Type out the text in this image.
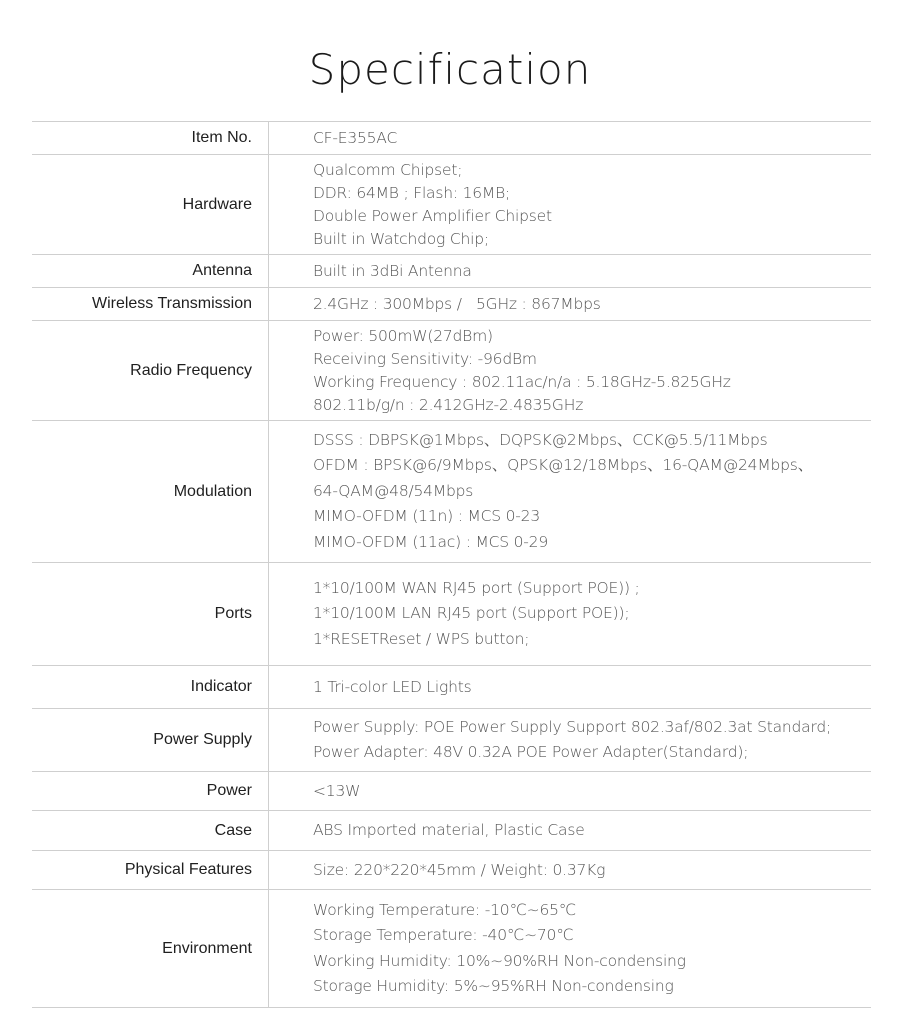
Specification
Item No.	CF-E355AC

Hardware	Qualcomm Chipset;
DDR: 64MB ; Flash: 16MB;
Double Power Amplifier Chipset
Built in Watchdog Chip;

Antenna	Built in 3dBi Antenna

Wireless Transmission	2.4GHz : 300Mbps /   5GHz : 867Mbps

Radio Frequency	Power: 500mW(27dBm)
Receiving Sensitivity: -96dBm
Working Frequency : 802.11ac/n/a : 5.18GHz-5.825GHz
802.11b/g/n : 2.412GHz-2.4835GHz

Modulation	DSSS : DBPSK@1Mbps、DQPSK@2Mbps、CCK@5.5/11Mbps
OFDM : BPSK@6/9Mbps、QPSK@12/18Mbps、16-QAM@24Mbps、
64-QAM@48/54Mbps
MIMO-OFDM (11n) : MCS 0-23
MIMO-OFDM (11ac) : MCS 0-29

Ports	1*10/100M WAN RJ45 port (Support POE)) ;
1*10/100M LAN RJ45 port (Support POE));
1*RESETReset / WPS button;

Indicator	1 Tri-color LED Lights

Power Supply	Power Supply: POE Power Supply Support 802.3af/802.3at Standard;
Power Adapter: 48V 0.32A POE Power Adapter(Standard);

Power	<13W

Case	ABS Imported material, Plastic Case

Physical Features	Size: 220*220*45mm / Weight: 0.37Kg

Environment	Working Temperature: -10℃~65℃
Storage Temperature: -40℃~70℃
Working Humidity: 10%~90%RH Non-condensing
Storage Humidity: 5%~95%RH Non-condensing
